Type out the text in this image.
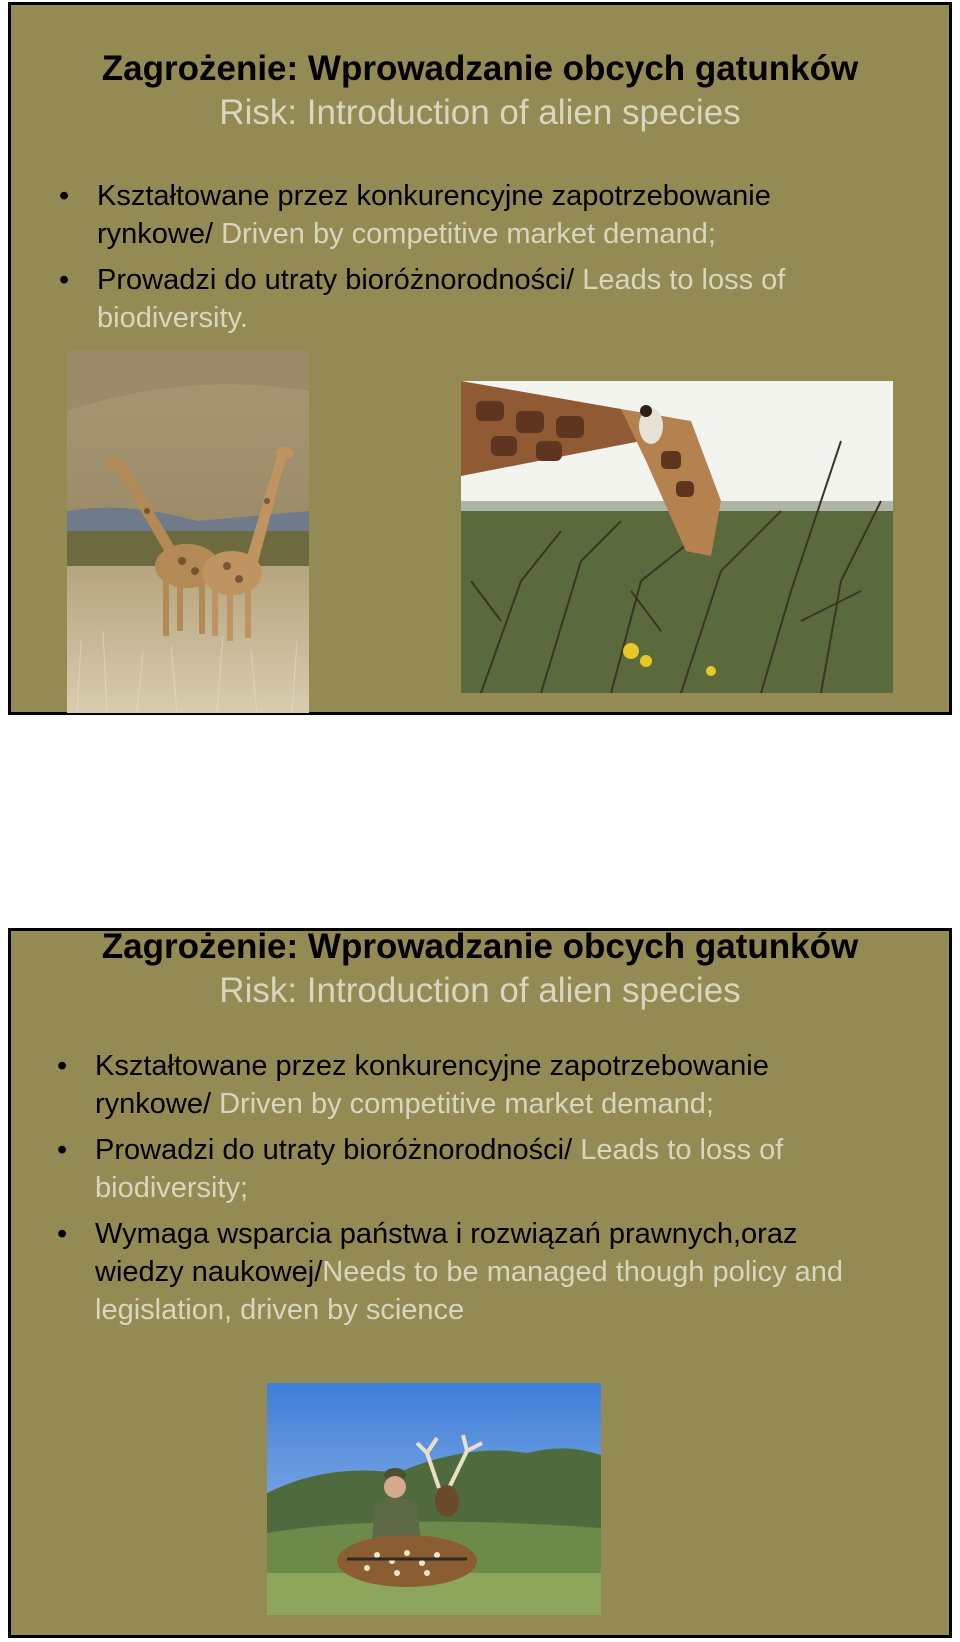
Zagrożenie: Wprowadzanie obcych gatunków
Risk: Introduction of alien species
• Kształtowane przez konkurencyjne zapotrzebowanie rynkowe/ Driven by competitive market demand;
• Prowadzi do utraty bioróżnorodności/ Leads to loss of biodiversity.
Zagrożenie: Wprowadzanie obcych gatunków
Risk: Introduction of alien species
• Kształtowane przez konkurencyjne zapotrzebowanie rynkowe/ Driven by competitive market demand;
• Prowadzi do utraty bioróżnorodności/ Leads to loss of biodiversity;
• Wymaga wsparcia państwa i rozwiązań prawnych,oraz wiedzy naukowej/Needs to be managed though policy and legislation, driven by science
